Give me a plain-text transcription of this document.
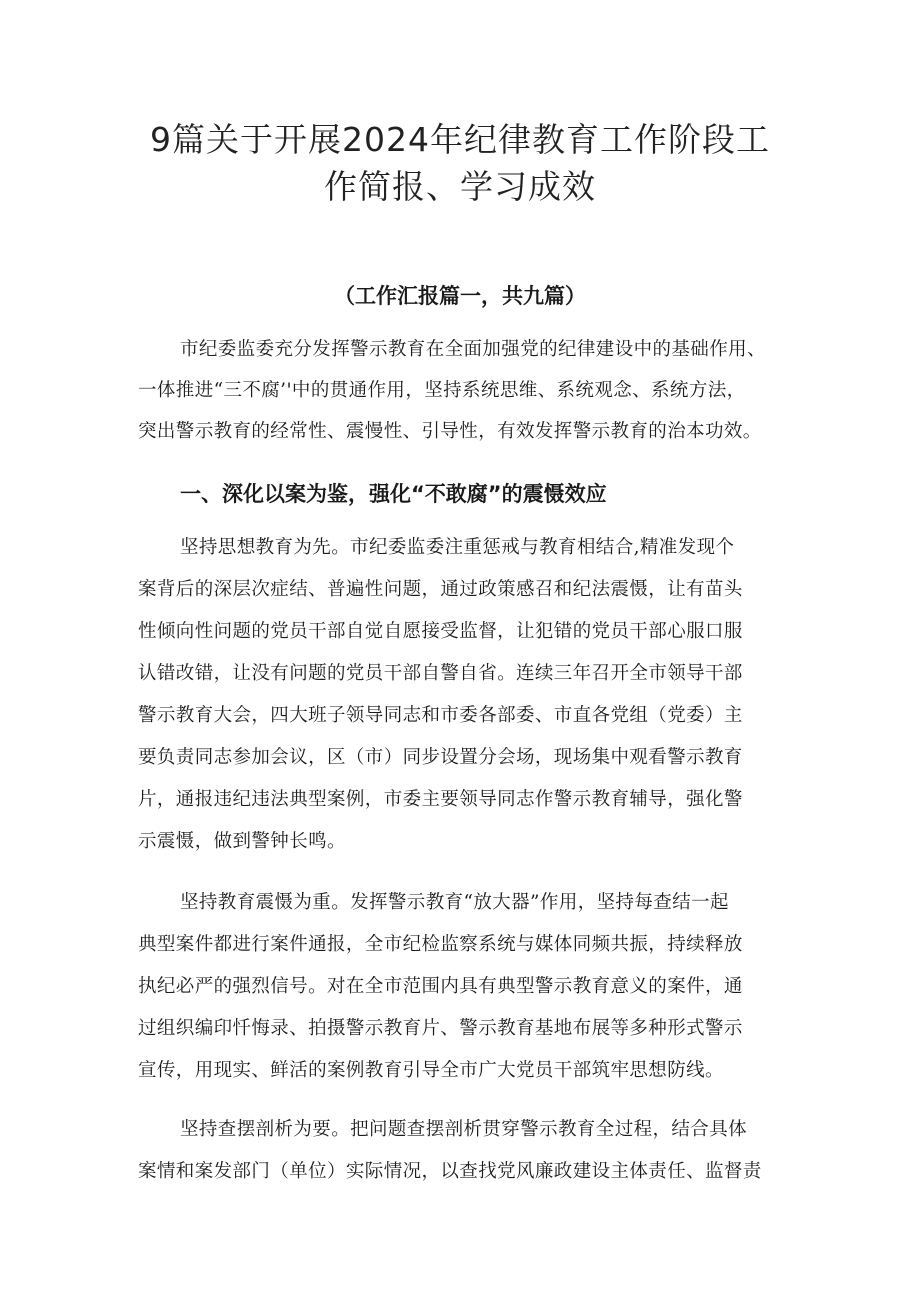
9篇关于开展2024年纪律教育工作阶段工
作简报、学习成效
（工作汇报篇一，共九篇）

市纪委监委充分发挥警示教育在全面加强党的纪律建设中的基础作用、

一体推进“三不腐’'中的贯通作用，坚持系统思维、系统观念、系统方法，

突出警示教育的经常性、震慢性、引导性，有效发挥警示教育的治本功效。

一、深化以案为鉴，强化“不敢腐”的震慑效应

坚持思想教育为先。市纪委监委注重惩戒与教育相结合,精准发现个

案背后的深层次症结、普遍性问题，通过政策感召和纪法震慑，让有苗头

性倾向性问题的党员干部自觉自愿接受监督，让犯错的党员干部心服口服

认错改错，让没有问题的党员干部自警自省。连续三年召开全市领导干部

警示教育大会，四大班子领导同志和市委各部委、市直各党组（党委）主

要负责同志参加会议，区（市）同步设置分会场，现场集中观看警示教育

片，通报违纪违法典型案例，市委主要领导同志作警示教育辅导，强化警

示震慑，做到警钟长鸣。

坚持教育震慑为重。发挥警示教育“放大器”作用，坚持每查结一起

典型案件都进行案件通报，全市纪检监察系统与媒体同频共振，持续释放

执纪必严的强烈信号。对在全市范围内具有典型警示教育意义的案件，通

过组织编印忏悔录、拍摄警示教育片、警示教育基地布展等多种形式警示

宣传，用现实、鲜活的案例教育引导全市广大党员干部筑牢思想防线。

坚持查摆剖析为要。把问题查摆剖析贯穿警示教育全过程，结合具体

案情和案发部门（单位）实际情况，以查找党风廉政建设主体责任、监督责
